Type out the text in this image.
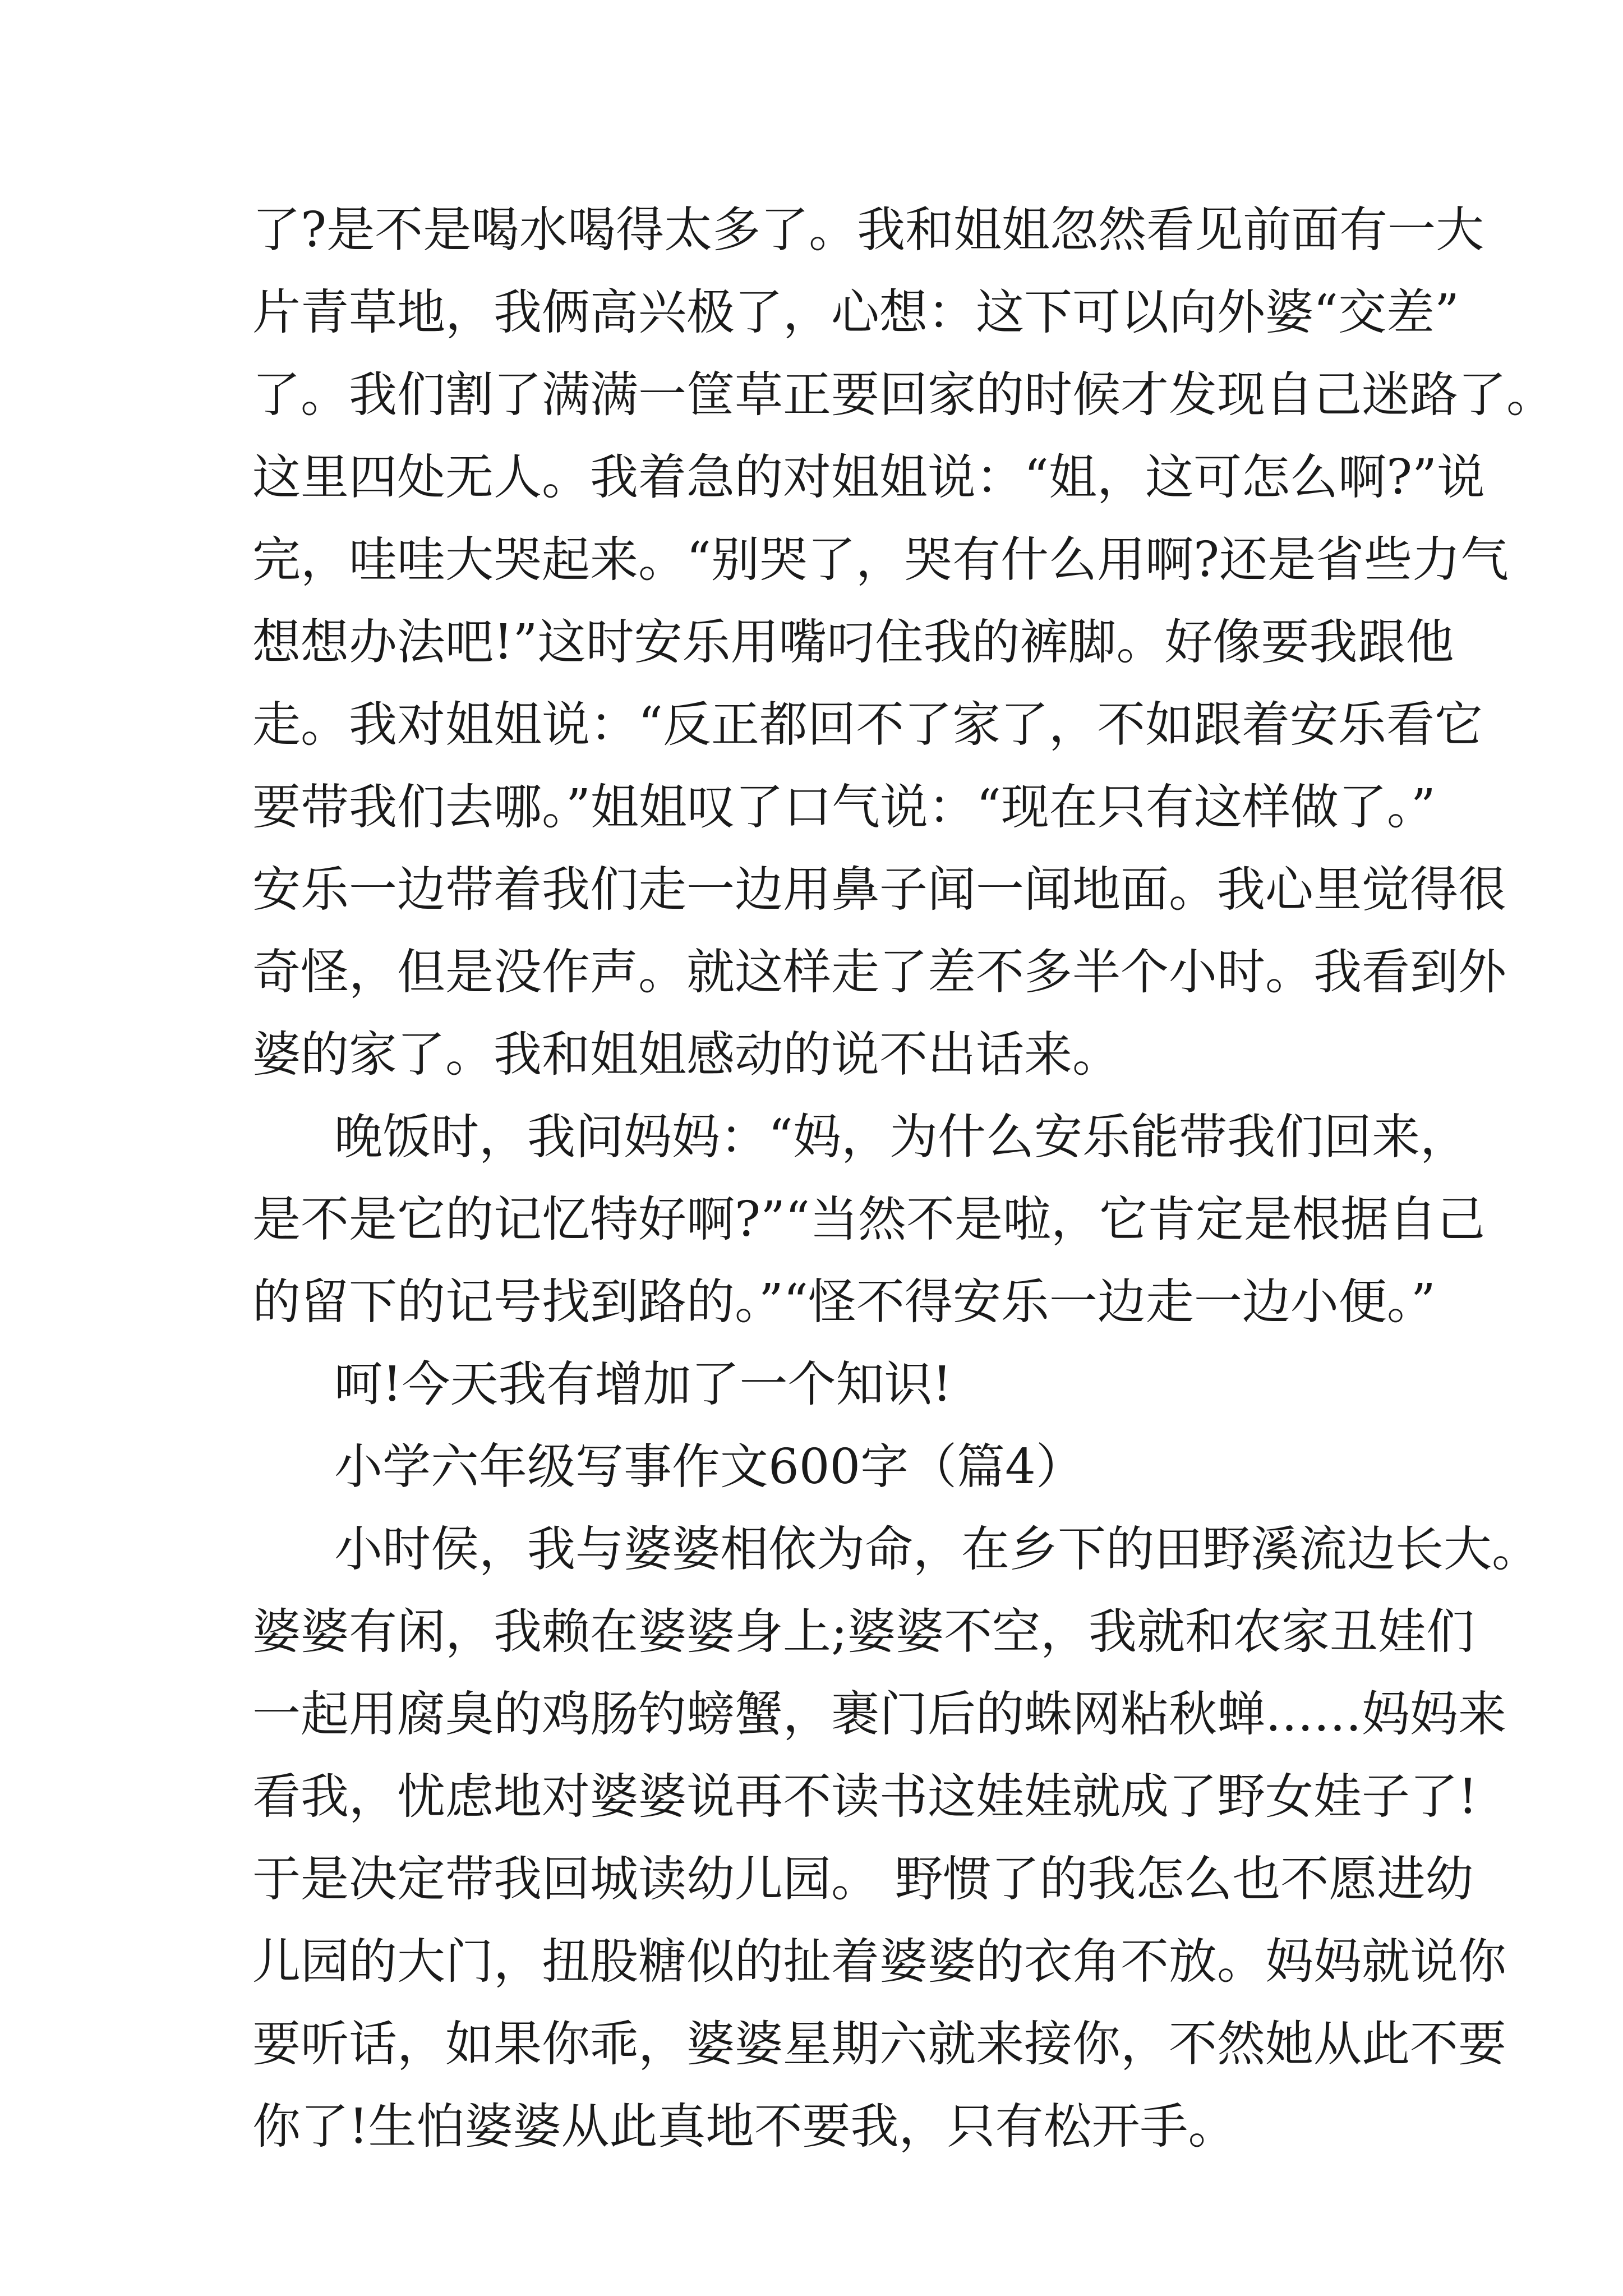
了?是不是喝水喝得太多了。我和姐姐忽然看见前面有一大

片青草地，我俩高兴极了，心想：这下可以向外婆“交差”

了。我们割了满满一筐草正要回家的时候才发现自己迷路了。

这里四处无人。我着急的对姐姐说：“姐，这可怎么啊?”说

完，哇哇大哭起来。“别哭了，哭有什么用啊?还是省些力气

想想办法吧!”这时安乐用嘴叼住我的裤脚。好像要我跟他

走。我对姐姐说：“反正都回不了家了，不如跟着安乐看它

要带我们去哪。”姐姐叹了口气说：“现在只有这样做了。”

安乐一边带着我们走一边用鼻子闻一闻地面。我心里觉得很

奇怪，但是没作声。就这样走了差不多半个小时。我看到外

婆的家了。我和姐姐感动的说不出话来。

晚饭时，我问妈妈：“妈，为什么安乐能带我们回来，

是不是它的记忆特好啊?”“当然不是啦，它肯定是根据自己

的留下的记号找到路的。”“怪不得安乐一边走一边小便。”

呵!今天我有增加了一个知识!

小学六年级写事作文600字（篇4）

小时侯，我与婆婆相依为命，在乡下的田野溪流边长大。

婆婆有闲，我赖在婆婆身上;婆婆不空，我就和农家丑娃们

一起用腐臭的鸡肠钓螃蟹，裹门后的蛛网粘秋蝉……妈妈来

看我，忧虑地对婆婆说再不读书这娃娃就成了野女娃子了!

于是决定带我回城读幼儿园。 野惯了的我怎么也不愿进幼

儿园的大门，扭股糖似的扯着婆婆的衣角不放。妈妈就说你

要听话，如果你乖，婆婆星期六就来接你，不然她从此不要

你了!生怕婆婆从此真地不要我，只有松开手。
